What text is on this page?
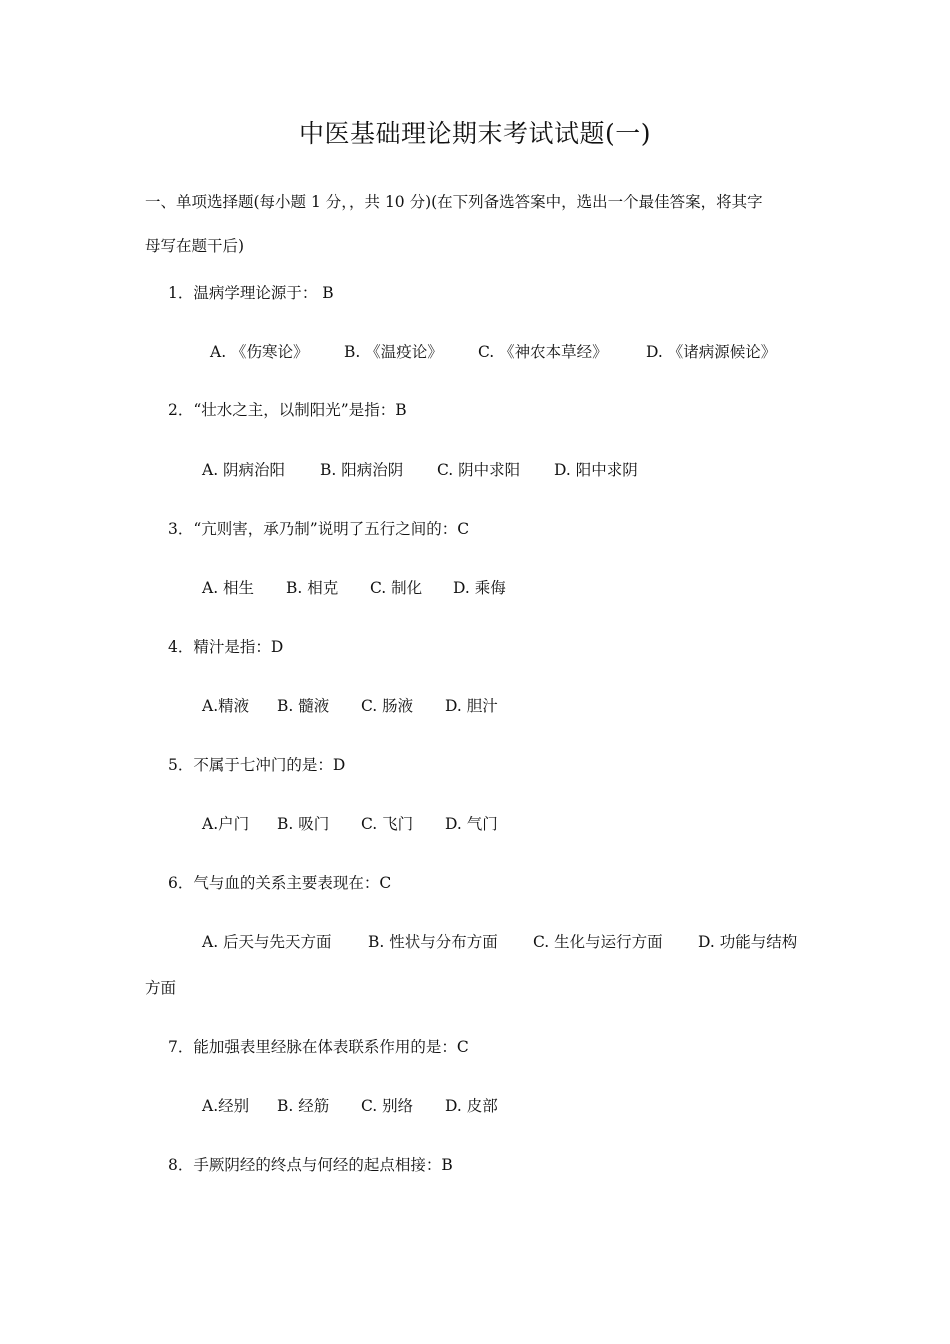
中医基础理论期末考试试题(一)
一、单项选择题(每小题 1 分，，共 10 分)(在下列备选答案中，选出一个最佳答案，将其字
母写在题干后)
1．温病学理论源于： B
A. 《伤寒论》 B. 《温疫论》 C. 《神农本草经》 D. 《诸病源候论》
2．“壮水之主，以制阳光”是指：B
A. 阴病治阳 B. 阳病治阴 C. 阴中求阳 D. 阳中求阴
3．“亢则害，承乃制”说明了五行之间的：C
A. 相生 B. 相克 C. 制化 D. 乘侮
4．精汁是指：D
A.精液 B. 髓液 C. 肠液 D. 胆汁
5．不属于七冲门的是：D
A.户门 B. 吸门 C. 飞门 D. 气门
6．气与血的关系主要表现在：C
A. 后天与先天方面 B. 性状与分布方面 C. 生化与运行方面 D. 功能与结构
方面
7．能加强表里经脉在体表联系作用的是：C
A.经别 B. 经筋 C. 别络 D. 皮部
8．手厥阴经的终点与何经的起点相接：B
